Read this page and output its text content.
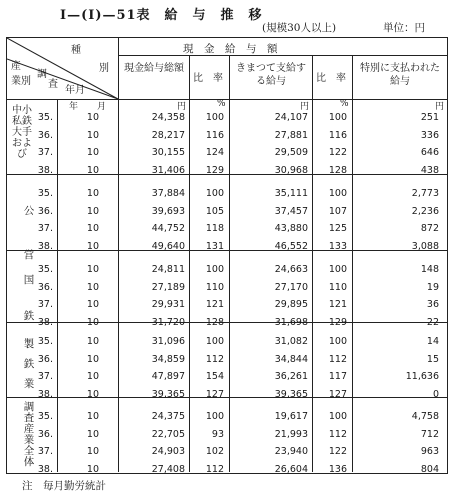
Ⅰ—(Ⅰ)—51表　給　与　推　移
(規模30人以上)	単位：円
種
別
産
業別
調
査
年月
現　金　給　与　額
現金給与総額
比　率
きまつて支給する給与	比　率
特別に支払われた給与
年 月	円	%	円	%	円
中小私鉄大手および
公営
国鉄
製鉄業
調査産業全体
35.	10	24,358	100	24,107	100	251
36.	10	28,217	116	27,881	116	336
37.	10	30,155	124	29,509	122	646
38.	10	31,406	129	30,968	128	438
35.	10	37,884	100	35,111	100	2,773
36.	10	39,693	105	37,457	107	2,236
37.	10	44,752	118	43,880	125	872
38.	10	49,640	131	46,552	133	3,088
35.	10	24,811	100	24,663	100	148
36.	10	27,189	110	27,170	110	19
37.	10	29,931	121	29,895	121	36
38.	10	31,720	128	31,698	129	22
35.	10	31,096	100	31,082	100	14
36.	10	34,859	112	34,844	112	15
37.	10	47,897	154	36,261	117	11,636
38.	10	39,365	127	39,365	127	0
35.	10	24,375	100	19,617	100	4,758
36.	10	22,705	93	21,993	112	712
37.	10	24,903	102	23,940	122	963
38.	10	27,408	112	26,604	136	804
注　毎月勤労統計
